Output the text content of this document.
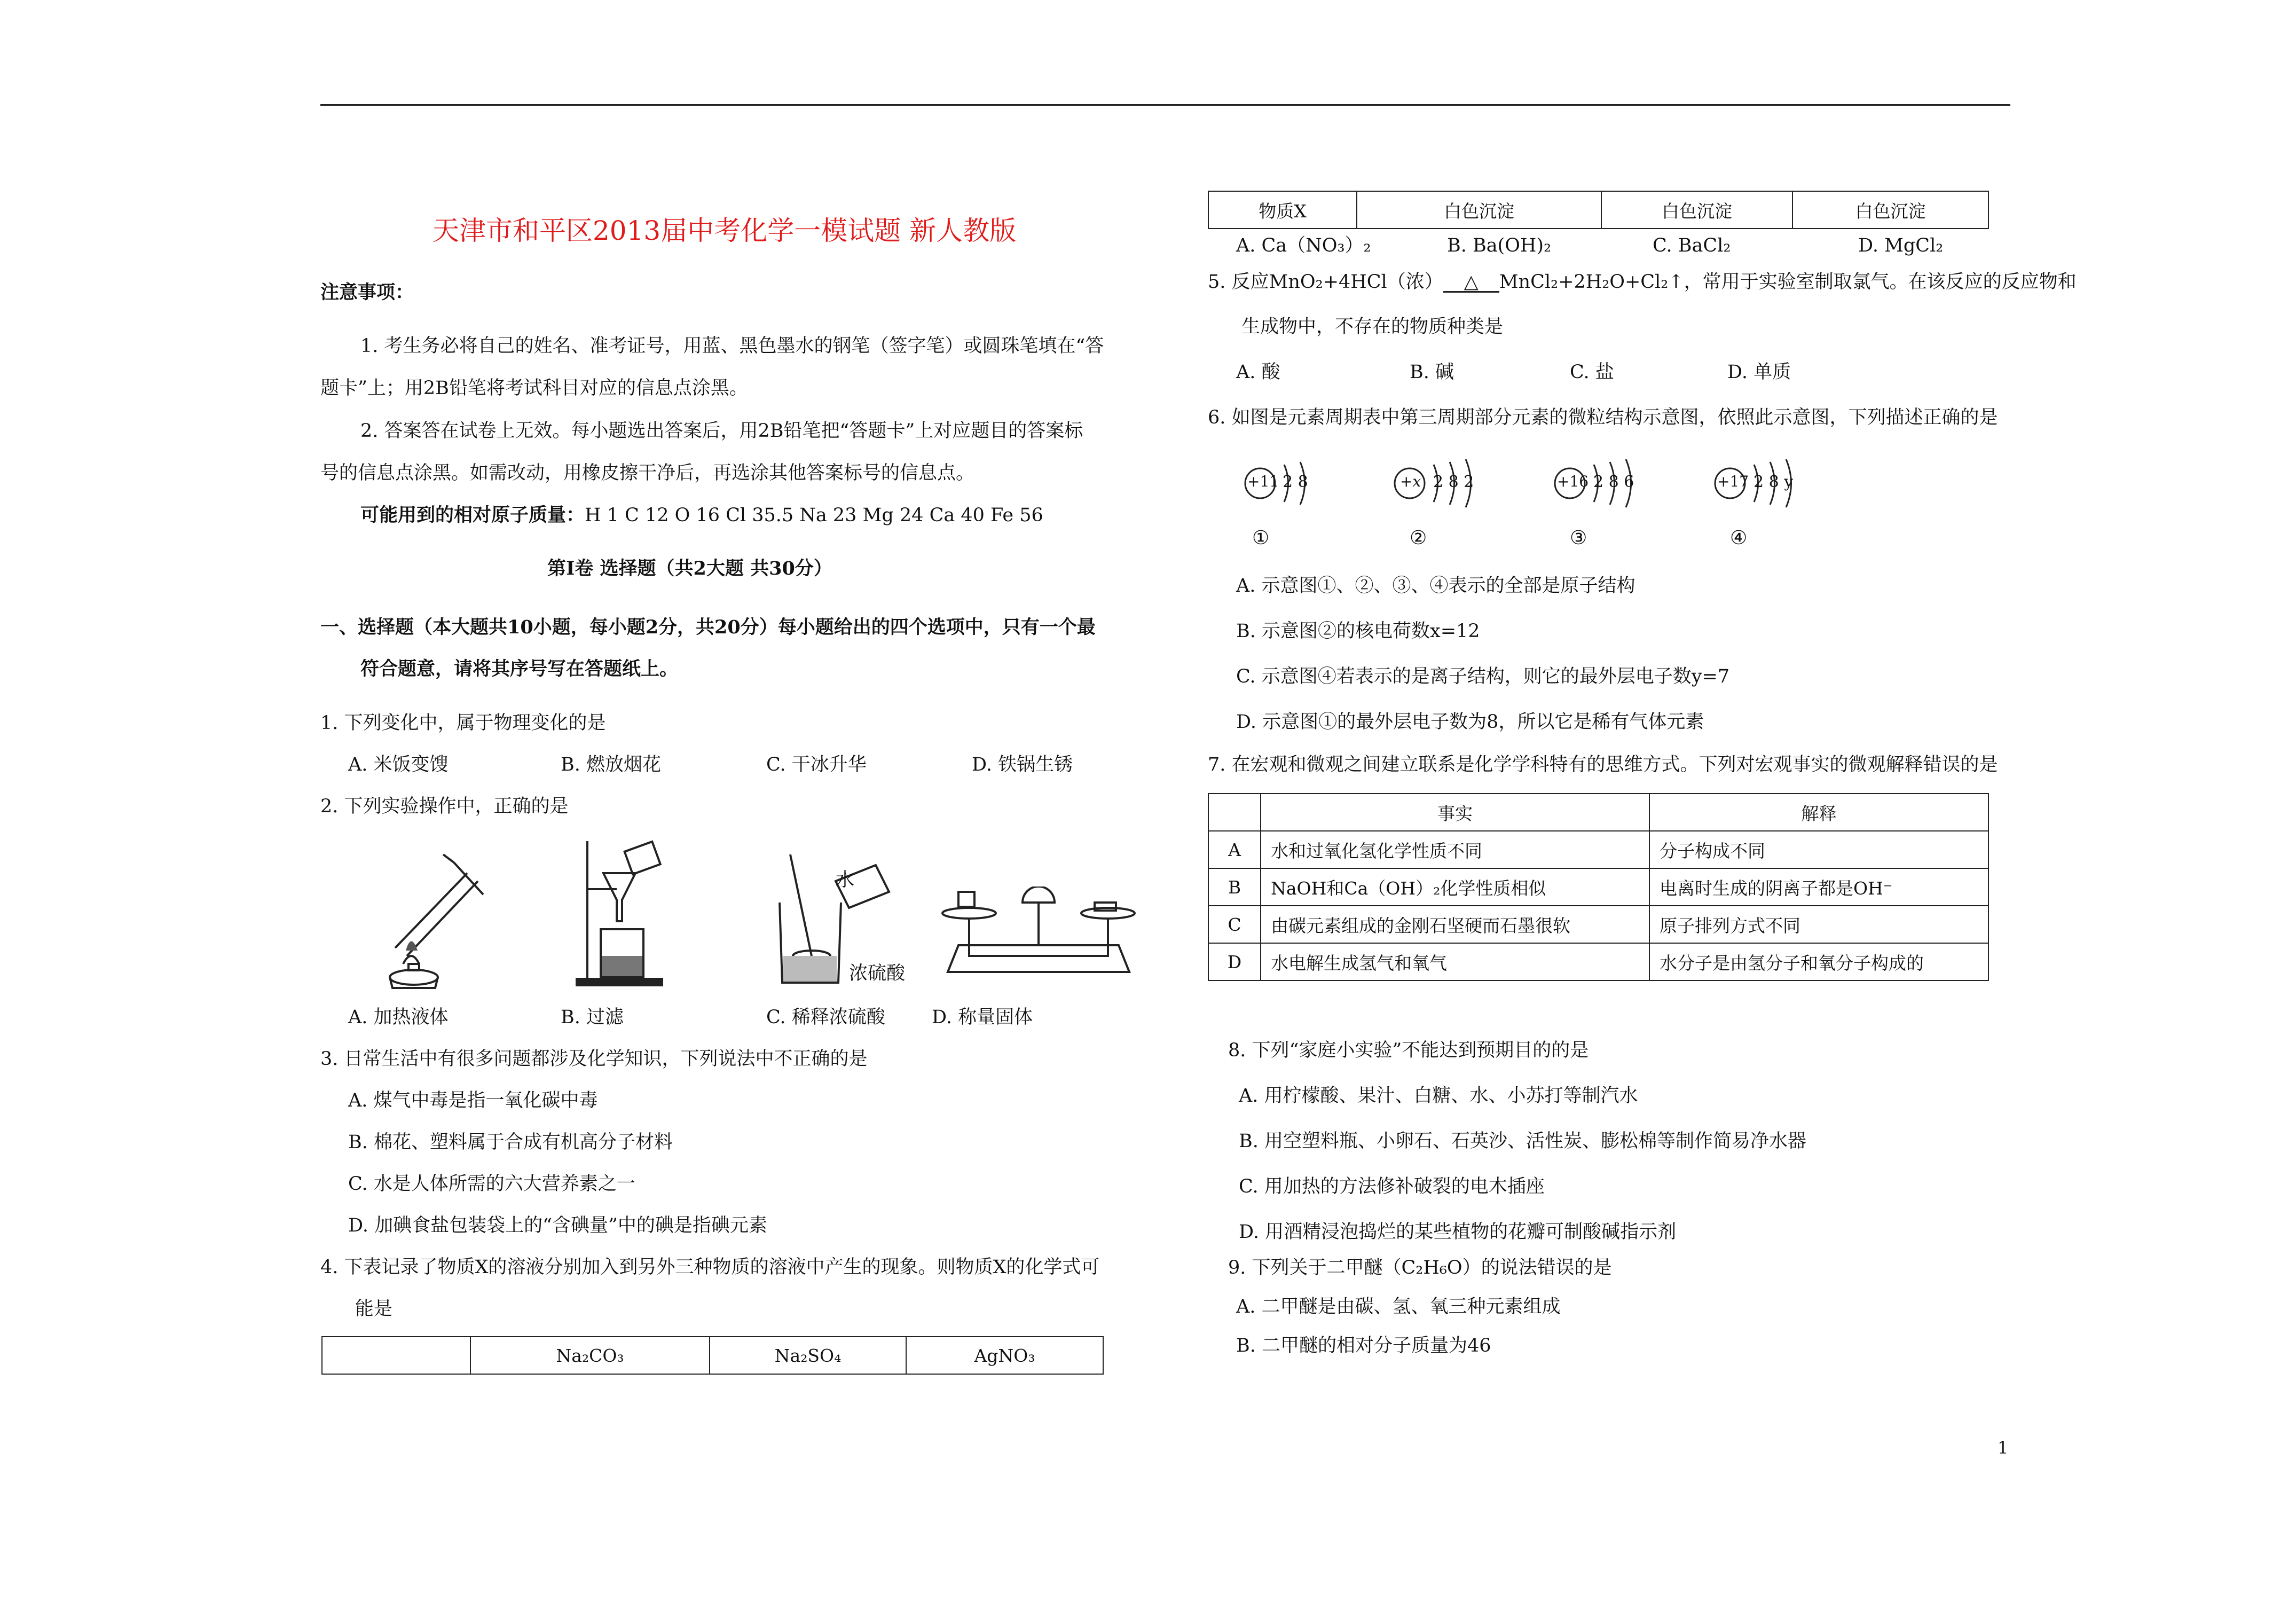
天津市和平区2013届中考化学一模试题 新人教版
注意事项：
1. 考生务必将自己的姓名、准考证号，用蓝、黑色墨水的钢笔（签字笔）或圆珠笔填在“答
题卡”上；用2B铅笔将考试科目对应的信息点涂黑。
2. 答案答在试卷上无效。每小题选出答案后，用2B铅笔把“答题卡”上对应题目的答案标
号的信息点涂黑。如需改动，用橡皮擦干净后，再选涂其他答案标号的信息点。
可能用到的相对原子质量：H 1 C 12 O 16 Cl 35.5 Na 23 Mg 24 Ca 40 Fe 56
第Ⅰ卷 选择题（共2大题 共30分）
一、选择题（本大题共10小题，每小题2分，共20分）每小题给出的四个选项中，只有一个最
符合题意，请将其序号写在答题纸上。
1. 下列变化中，属于物理变化的是
A. 米饭变馊	B. 燃放烟花	C. 干冰升华	D. 铁锅生锈
2. 下列实验操作中，正确的是
水
浓硫酸
A. 加热液体	B. 过滤	C. 稀释浓硫酸 D. 称量固体
3. 日常生活中有很多问题都涉及化学知识，下列说法中不正确的是
A. 煤气中毒是指一氧化碳中毒
B. 棉花、塑料属于合成有机高分子材料
C. 水是人体所需的六大营养素之一
D. 加碘食盐包装袋上的“含碘量”中的碘是指碘元素
4. 下表记录了物质X的溶液分别加入到另外三种物质的溶液中产生的现象。则物质X的化学式可
能是
	Na₂CO₃	Na₂SO₄	AgNO₃
物质X	白色沉淀	白色沉淀	白色沉淀
A. Ca（NO₃）₂	B. Ba(OH)₂	C. BaCl₂	D. MgCl₂
5. 反应MnO₂+4HCl（浓） △ MnCl₂+2H₂O+Cl₂↑，常用于实验室制取氯气。在该反应的反应物和
生成物中，不存在的物质种类是
A. 酸	B. 碱	C. 盐	D. 单质
6. 如图是元素周期表中第三周期部分元素的微粒结构示意图，依照此示意图，下列描述正确的是
+11 2 8
①
+x 2 8 2
②
+16 2 8 6
③
+17 2 8 y
④
A. 示意图①、②、③、④表示的全部是原子结构
B. 示意图②的核电荷数x=12
C. 示意图④若表示的是离子结构，则它的最外层电子数y=7
D. 示意图①的最外层电子数为8，所以它是稀有气体元素
7. 在宏观和微观之间建立联系是化学学科特有的思维方式。下列对宏观事实的微观解释错误的是
	事实	解释
A	水和过氧化氢化学性质不同	分子构成不同
B	NaOH和Ca（OH）₂化学性质相似	电离时生成的阴离子都是OH⁻
C	由碳元素组成的金刚石坚硬而石墨很软	原子排列方式不同
D	水电解生成氢气和氧气	水分子是由氢分子和氧分子构成的
8. 下列“家庭小实验”不能达到预期目的的是
A. 用柠檬酸、果汁、白糖、水、小苏打等制汽水
B. 用空塑料瓶、小卵石、石英沙、活性炭、膨松棉等制作简易净水器
C. 用加热的方法修补破裂的电木插座
D. 用酒精浸泡捣烂的某些植物的花瓣可制酸碱指示剂
9. 下列关于二甲醚（C₂H₆O）的说法错误的是
A. 二甲醚是由碳、氢、氧三种元素组成
B. 二甲醚的相对分子质量为46
1
